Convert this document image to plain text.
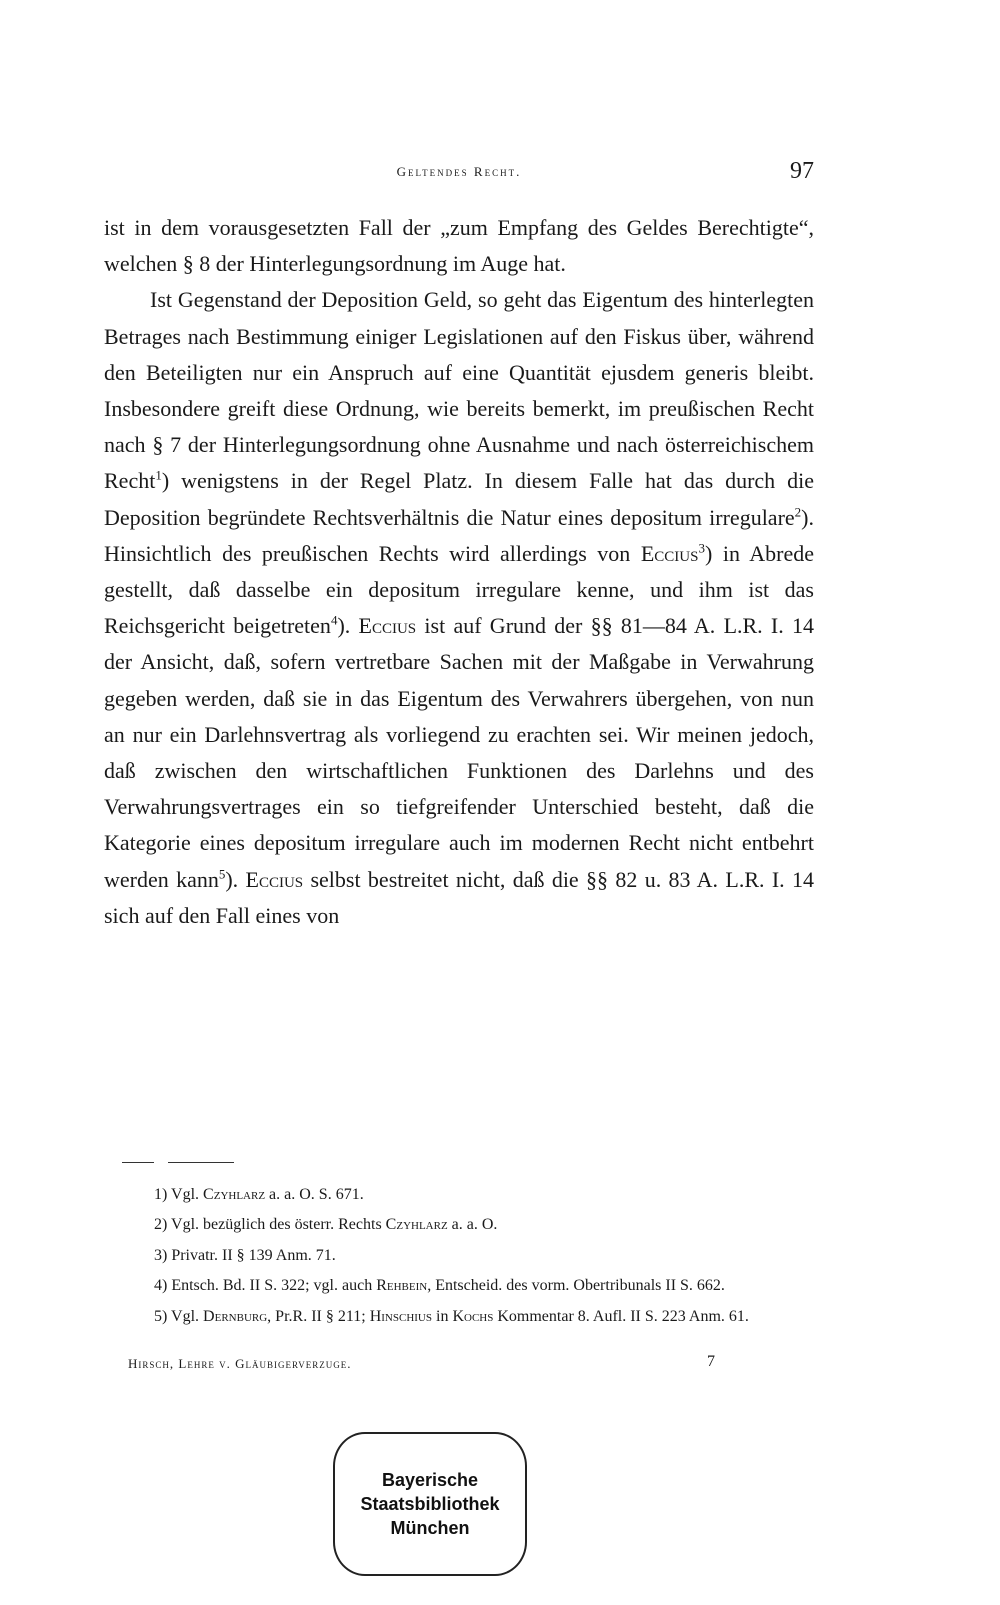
Geltendes Recht.	97

ist in dem vorausgesetzten Fall der „zum Empfang des Geldes Berechtigte“, welchen § 8 der Hinterlegungsordnung im Auge hat.

Ist Gegenstand der Deposition Geld, so geht das Eigentum des hinterlegten Betrages nach Bestimmung einiger Legislationen auf den Fiskus über, während den Beteiligten nur ein Anspruch auf eine Quantität ejusdem generis bleibt. Insbesondere greift diese Ordnung, wie bereits bemerkt, im preußischen Recht nach § 7 der Hinterlegungsordnung ohne Ausnahme und nach österreichischem Recht$^1$) wenigstens in der Regel Platz. In diesem Falle hat das durch die Deposition begründete Rechtsverhältnis die Natur eines depositum irregulare$^2$). Hinsichtlich des preußischen Rechts wird allerdings von Eccius$^3$) in Abrede gestellt, daß dasselbe ein depositum irregulare kenne, und ihm ist das Reichsgericht beigetreten$^4$). Eccius ist auf Grund der §§ 81—84 A. L.R. I. 14 der Ansicht, daß, sofern vertretbare Sachen mit der Maßgabe in Verwahrung gegeben werden, daß sie in das Eigentum des Verwahrers übergehen, von nun an nur ein Darlehnsvertrag als vorliegend zu erachten sei. Wir meinen jedoch, daß zwischen den wirtschaftlichen Funktionen des Darlehns und des Verwahrungsvertrages ein so tiefgreifender Unterschied besteht, daß die Kategorie eines depositum irregulare auch im modernen Recht nicht entbehrt werden kann$^5$). Eccius selbst bestreitet nicht, daß die §§ 82 u. 83 A. L.R. I. 14 sich auf den Fall eines von

1) Vgl. Czyhlarz a. a. O. S. 671.

2) Vgl. bezüglich des österr. Rechts Czyhlarz a. a. O.

3) Privatr. II § 139 Anm. 71.

4) Entsch. Bd. II S. 322; vgl. auch Rehbein, Entscheid. des vorm. Obertribunals II S. 662.

5) Vgl. Dernburg, Pr.R. II § 211; Hinschius in Kochs Kommentar 8. Aufl. II S. 223 Anm. 61.

Hirsch, Lehre v. Gläubigerverzuge.	7
Bayerische
Staatsbibliothek
München
